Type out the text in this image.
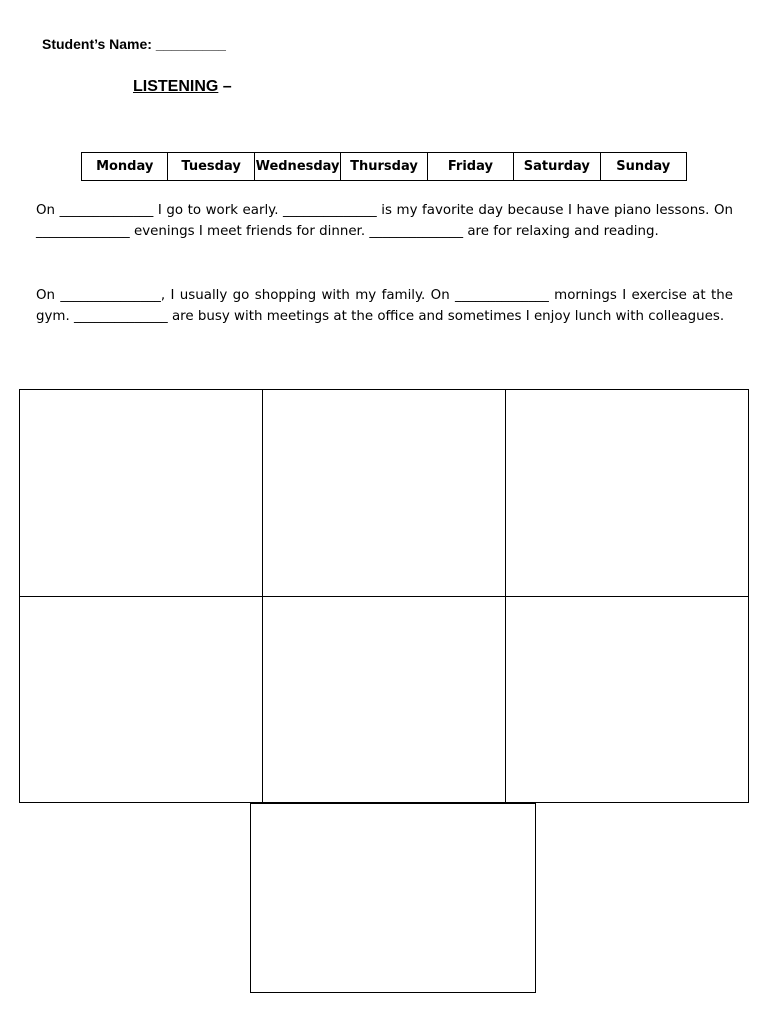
Student’s Name: _________

LISTENING –

Monday	Tuesday	Wednesday	Thursday	Friday	Saturday	Sunday

On ______________ I go to work early. ______________ is my favorite day because I have piano lessons. On ______________ evenings I meet friends for dinner. ______________ are for relaxing and reading.

On _______________, I usually go shopping with my family. On ______________ mornings I exercise at the gym. ______________ are busy with meetings at the office and sometimes I enjoy lunch with colleagues.
